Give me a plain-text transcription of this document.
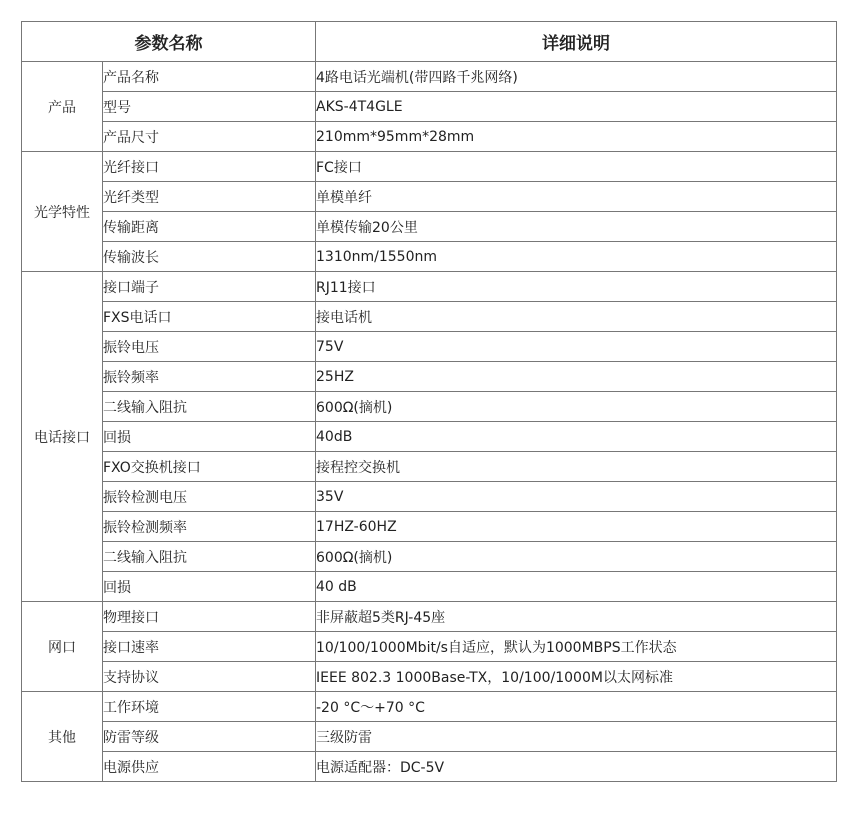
参数名称		详细说明
产品	产品名称	4路电话光端机(带四路千兆网络)
	型号	AKS-4T4GLE
	产品尺寸	210mm*95mm*28mm
光学特性	光纤接口	FC接口
	光纤类型	单模单纤
	传输距离	单模传输20公里
	传输波长	1310nm/1550nm
电话接口	接口端子	RJ11接口
	FXS电话口	接电话机
	振铃电压	75V
	振铃频率	25HZ
	二线输入阻抗	600Ω(摘机)
	回损	40dB
	FXO交换机接口	接程控交换机
	振铃检测电压	35V
	振铃检测频率	17HZ-60HZ
	二线输入阻抗	600Ω(摘机)
	回损	40 dB
网口	物理接口	非屏蔽超5类RJ-45座
	接口速率	10/100/1000Mbit/s自适应，默认为1000MBPS工作状态
	支持协议	IEEE 802.3 1000Base-TX，10/100/1000M以太网标准
其他	工作环境	-20 °C～+70 °C
	防雷等级	三级防雷
	电源供应	电源适配器：DC-5V
